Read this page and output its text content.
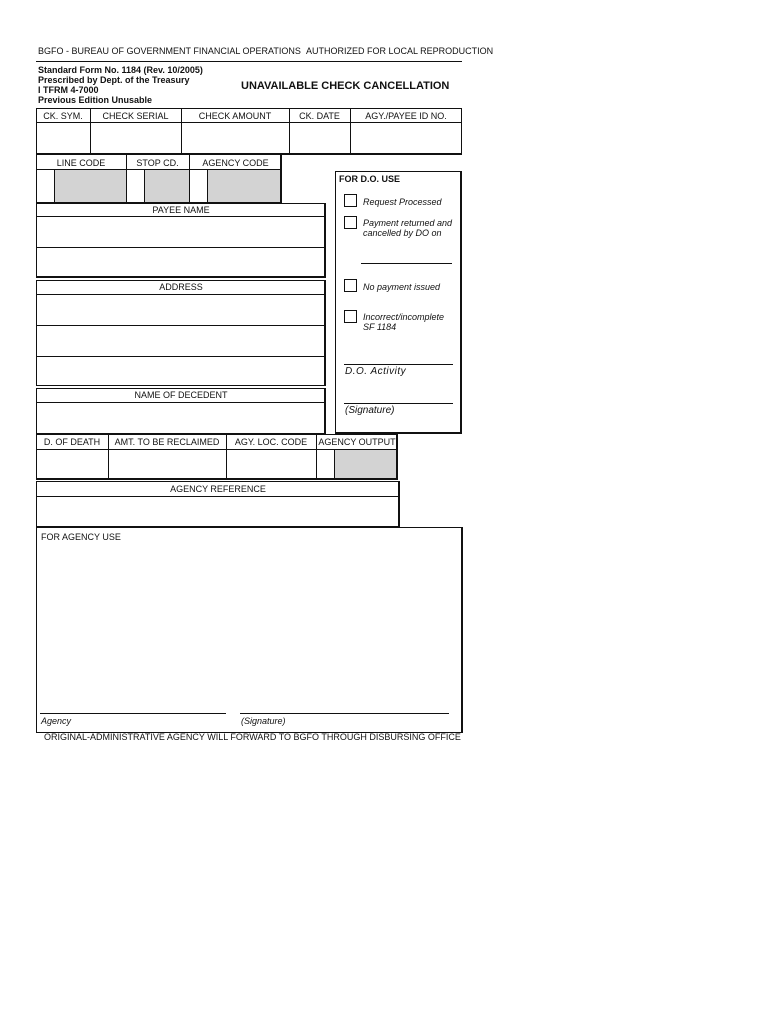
BGFO - BUREAU OF GOVERNMENT FINANCIAL OPERATIONS AUTHORIZED FOR LOCAL REPRODUCTION
Standard Form No. 1184 (Rev. 10/2005)
Prescribed by Dept. of the Treasury
I TFRM 4-7000
Previous Edition Unusable
UNAVAILABLE CHECK CANCELLATION
CK. SYM.	CHECK SERIAL	CHECK AMOUNT	CK. DATE	AGY./PAYEE ID NO.
LINE CODE	STOP CD.	AGENCY CODE
PAYEE NAME
ADDRESS
NAME OF DECEDENT
D. OF DEATH	AMT. TO BE RECLAIMED	AGY. LOC. CODE	AGENCY OUTPUT
AGENCY REFERENCE
FOR AGENCY USE
Agency	(Signature)
ORIGINAL-ADMINISTRATIVE AGENCY WILL FORWARD TO BGFO THROUGH DISBURSING OFFICE
FOR D.O. USE
Request Processed
Payment returned and
cancelled by DO on
No payment issued
Incorrect/incomplete
SF 1184
D.O. Activity
(Signature)
